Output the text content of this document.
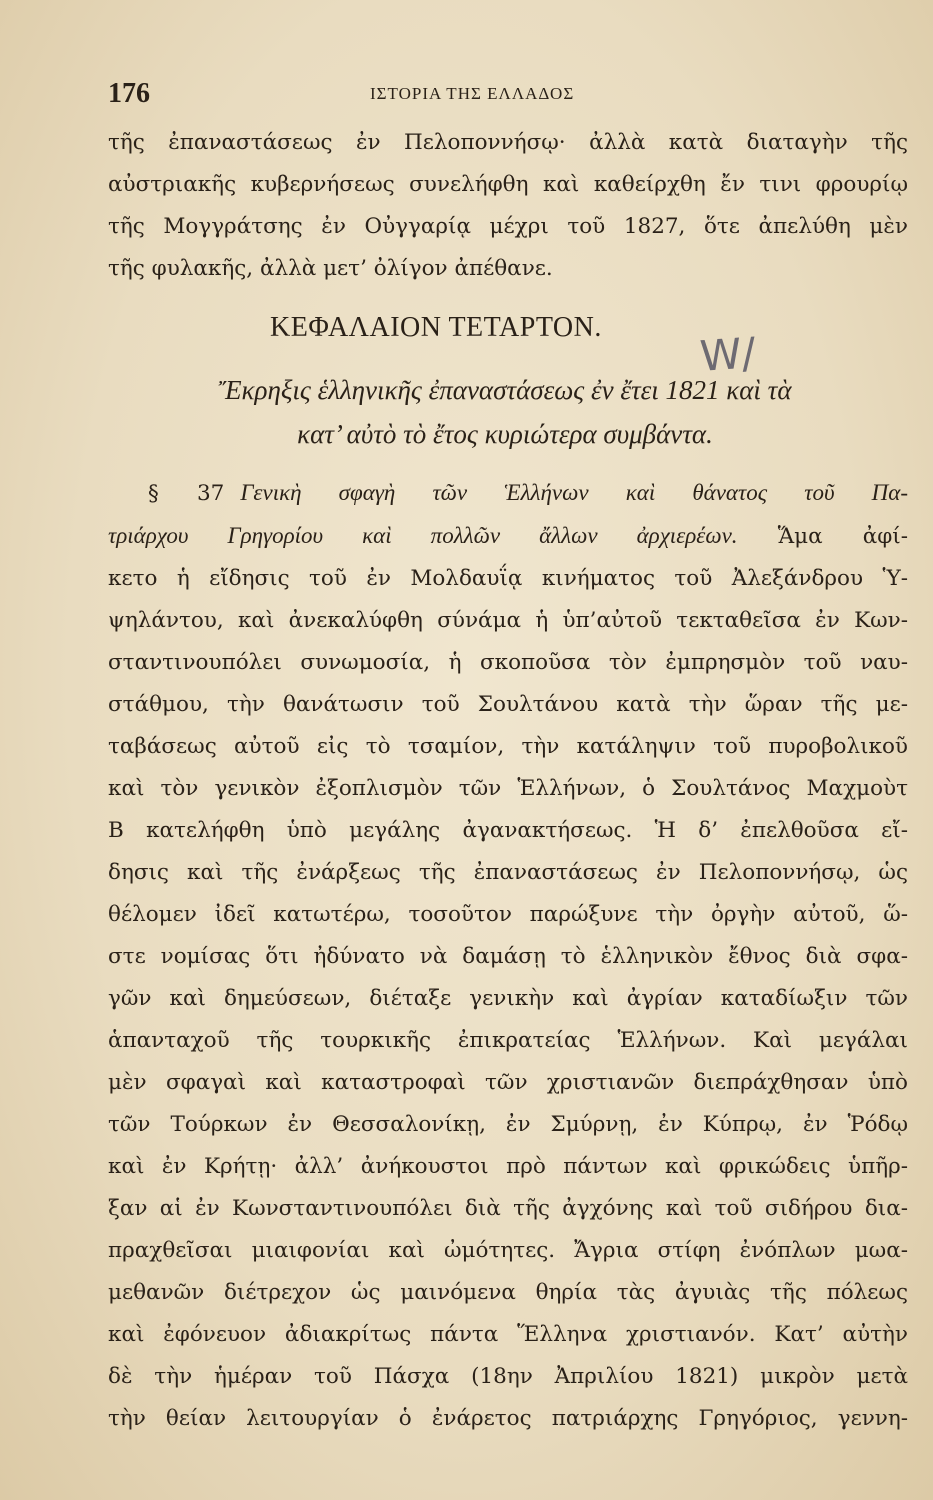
176	ΙΣΤΟΡΙΑ ΤΗΣ ΕΛΛΑΔΟΣ
τῆς ἐπαναστάσεως ἐν Πελοποννήσῳ· ἀλλὰ κατὰ διαταγὴν τῆς
αὐστριακῆς κυβερνήσεως συνελήφθη καὶ καθείρχθη ἔν τινι φρουρίῳ
τῆς Μογγράτσης ἐν Οὐγγαρίᾳ μέχρι τοῦ 1827, ὅτε ἀπελύθη μὲν
τῆς φυλακῆς, ἀλλὰ μετ’ ὀλίγον ἀπέθανε.
ΚΕΦΑΛΑΙΟΝ ΤΕΤΑΡΤΟΝ.
W/
Ἔκρηξις ἑλληνικῆς ἐπαναστάσεως ἐν ἔτει 1821 καὶ τὰ
κατ’ αὐτὸ τὸ ἔτος κυριώτερα συμβάντα.
§ 37 Γενικὴ σφαγὴ τῶν Ἑλλήνων καὶ θάνατος τοῦ Πα-
τριάρχου Γρηγορίου καὶ πολλῶν ἄλλων ἀρχιερέων. Ἅμα ἀφί-
κετο ἡ εἴδησις τοῦ ἐν Μολδαυΐᾳ κινήματος τοῦ Ἀλεξάνδρου Ὑ-
ψηλάντου, καὶ ἀνεκαλύφθη σύνάμα ἡ ὑπ’αὐτοῦ τεκταθεῖσα ἐν Κων-
σταντινουπόλει συνωμοσία, ἡ σκοποῦσα τὸν ἐμπρησμὸν τοῦ ναυ-
στάθμου, τὴν θανάτωσιν τοῦ Σουλτάνου κατὰ τὴν ὥραν τῆς με-
ταβάσεως αὐτοῦ εἰς τὸ τσαμίον, τὴν κατάληψιν τοῦ πυροβολικοῦ
καὶ τὸν γενικὸν ἐξοπλισμὸν τῶν Ἑλλήνων, ὁ Σουλτάνος Μαχμοὺτ
Β κατελήφθη ὑπὸ μεγάλης ἀγανακτήσεως. Ἡ δ’ ἐπελθοῦσα εἴ-
δησις καὶ τῆς ἐνάρξεως τῆς ἐπαναστάσεως ἐν Πελοποννήσῳ, ὡς
θέλομεν ἰδεῖ κατωτέρω, τοσοῦτον παρώξυνε τὴν ὀργὴν αὐτοῦ, ὥ-
στε νομίσας ὅτι ἠδύνατο νὰ δαμάσῃ τὸ ἑλληνικὸν ἔθνος διὰ σφα-
γῶν καὶ δημεύσεων, διέταξε γενικὴν καὶ ἀγρίαν καταδίωξιν τῶν
ἁπανταχοῦ τῆς τουρκικῆς ἐπικρατείας Ἑλλήνων. Καὶ μεγάλαι
μὲν σφαγαὶ καὶ καταστροφαὶ τῶν χριστιανῶν διεπράχθησαν ὑπὸ
τῶν Τούρκων ἐν Θεσσαλονίκῃ, ἐν Σμύρνῃ, ἐν Κύπρῳ, ἐν Ῥόδῳ
καὶ ἐν Κρήτῃ· ἀλλ’ ἀνήκουστοι πρὸ πάντων καὶ φρικώδεις ὑπῆρ-
ξαν αἱ ἐν Κωνσταντινουπόλει διὰ τῆς ἀγχόνης καὶ τοῦ σιδήρου δια-
πραχθεῖσαι μιαιφονίαι καὶ ὠμότητες. Ἄγρια στίφη ἐνόπλων μωα-
μεθανῶν διέτρεχον ὡς μαινόμενα θηρία τὰς ἀγυιὰς τῆς πόλεως
καὶ ἐφόνευον ἀδιακρίτως πάντα Ἕλληνα χριστιανόν. Κατ’ αὐτὴν
δὲ τὴν ἡμέραν τοῦ Πάσχα (18ην Ἀπριλίου 1821) μικρὸν μετὰ
τὴν θείαν λειτουργίαν ὁ ἐνάρετος πατριάρχης Γρηγόριος, γεννη-
